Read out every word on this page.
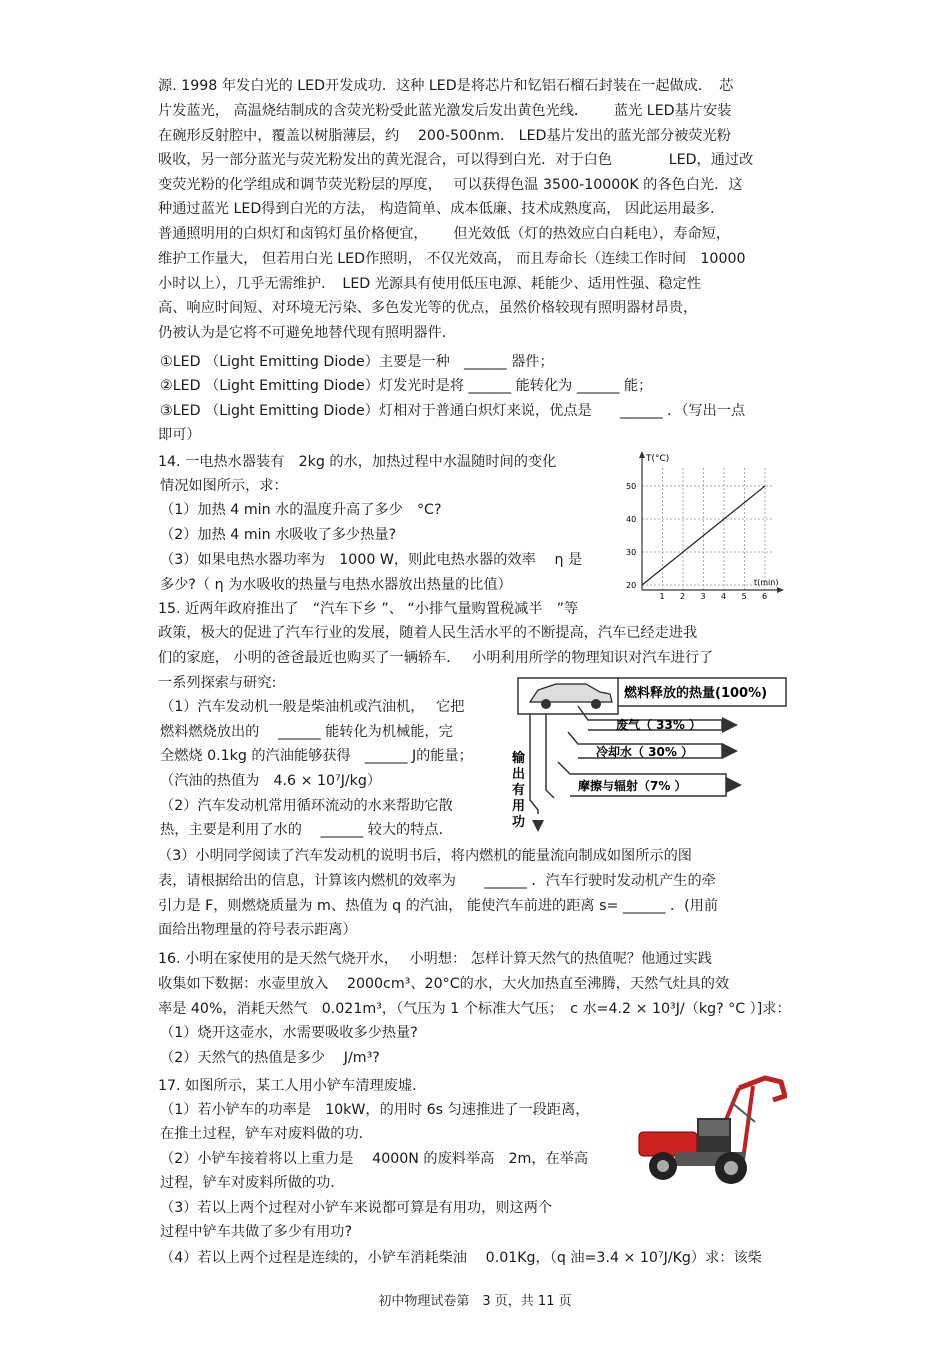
源. 1998 年发白光的 LED开发成功．这种 LED是将芯片和钇铝石榴石封装在一起做成．　芯
片发蓝光， 高温烧结制成的含荧光粉受此蓝光激发后发出黄色光线．　　 蓝光 LED基片安装
在碗形反射腔中，覆盖以树脂薄层，约　 200-500nm． LED基片发出的蓝光部分被荧光粉
吸收，另一部分蓝光与荧光粉发出的黄光混合，可以得到白光．对于白色　　　　LED，通过改
变荧光粉的化学组成和调节荧光粉层的厚度，　 可以获得色温 3500-10000K 的各色白光．这
种通过蓝光 LED得到白光的方法， 构造简单、成本低廉、技术成熟度高， 因此运用最多．
普通照明用的白炽灯和卤钨灯虽价格便宜，　　 但光效低（灯的热效应白白耗电），寿命短，
维护工作量大， 但若用白光 LED作照明， 不仅光效高， 而且寿命长（连续工作时间　10000
小时以上），几乎无需维护．　LED 光源具有使用低压电源、耗能少、适用性强、稳定性
高、响应时间短、对环境无污染、多色发光等的优点，虽然价格较现有照明器材昂贵，
仍被认为是它将不可避免地替代现有照明器件．
①LED （Light Emitting Diode）主要是一种　______ 器件；
②LED （Light Emitting Diode）灯发光时是将 ______ 能转化为 ______ 能；
③LED （Light Emitting Diode）灯相对于普通白炽灯来说，优点是　　______ ．（写出一点
即可）
14. 一电热水器装有　2kg 的水，加热过程中水温随时间的变化
情况如图所示，求：
（1）加热 4 min 水的温度升高了多少　°C?
（2）加热 4 min 水吸收了多少热量?
（3）如果电热水器功率为　1000 W，则此电热水器的效率　 η 是
多少?（ η 为水吸收的热量与电热水器放出热量的比值）
15. 近两年政府推出了　“汽车下乡 ”、 “小排气量购置税减半　”等
政策，极大的促进了汽车行业的发展，随着人民生活水平的不断提高，汽车已经走进我
们的家庭， 小明的爸爸最近也购买了一辆轿车．　 小明利用所学的物理知识对汽车进行了
一系列探索与研究:
（1）汽车发动机一般是柴油机或汽油机，　 它把
燃料燃烧放出的　 ______ 能转化为机械能，完
全燃烧 0.1kg 的汽油能够获得　______ J的能量；
（汽油的热值为　4.6 × 10⁷J/kg）
（2）汽车发动机常用循环流动的水来帮助它散
热，主要是利用了水的　 ______ 较大的特点．
（3）小明同学阅读了汽车发动机的说明书后，将内燃机的能量流向制成如图所示的图
表，请根据给出的信息，计算该内燃机的效率为　　______ ．汽车行驶时发动机产生的牵
引力是 F，则燃烧质量为 m、热值为 q 的汽油， 能使汽车前进的距离 s= ______ ．(用前
面给出物理量的符号表示距离）
16. 小明在家使用的是天然气烧开水，　 小明想： 怎样计算天然气的热值呢？他通过实践
收集如下数据：水壶里放入　 2000cm³、20°C的水，大火加热直至沸腾，天然气灶具的效
率是 40%，消耗天然气　0.021m³，（气压为 1 个标准大气压；　c 水=4.2 × 10³J/（kg? °C ）]求：
（1）烧开这壶水，水需要吸收多少热量?
（2）天然气的热值是多少　 J/m³?
17. 如图所示，某工人用小铲车清理废墟．
（1）若小铲车的功率是　10kW，的用时 6s 匀速推进了一段距离，
在推土过程，铲车对废料做的功．
（2）小铲车接着将以上重力是　 4000N 的废料举高　2m，在举高
过程，铲车对废料所做的功．
（3）若以上两个过程对小铲车来说都可算是有用功，则这两个
过程中铲车共做了多少有用功?
（4）若以上两个过程是连续的，小铲车消耗柴油　 0.01Kg，（q 油=3.4 × 10⁷J/Kg）求：该柴
T(°C)
t(min)
20
30
40
50
1 2 3 4 5 6
燃料释放的热量(100%)
废气（ 33% ）
冷却水（ 30% ）
摩擦与辐射（7% ）
输
出
有
用
功
初中物理试卷第　3 页，共 11 页
